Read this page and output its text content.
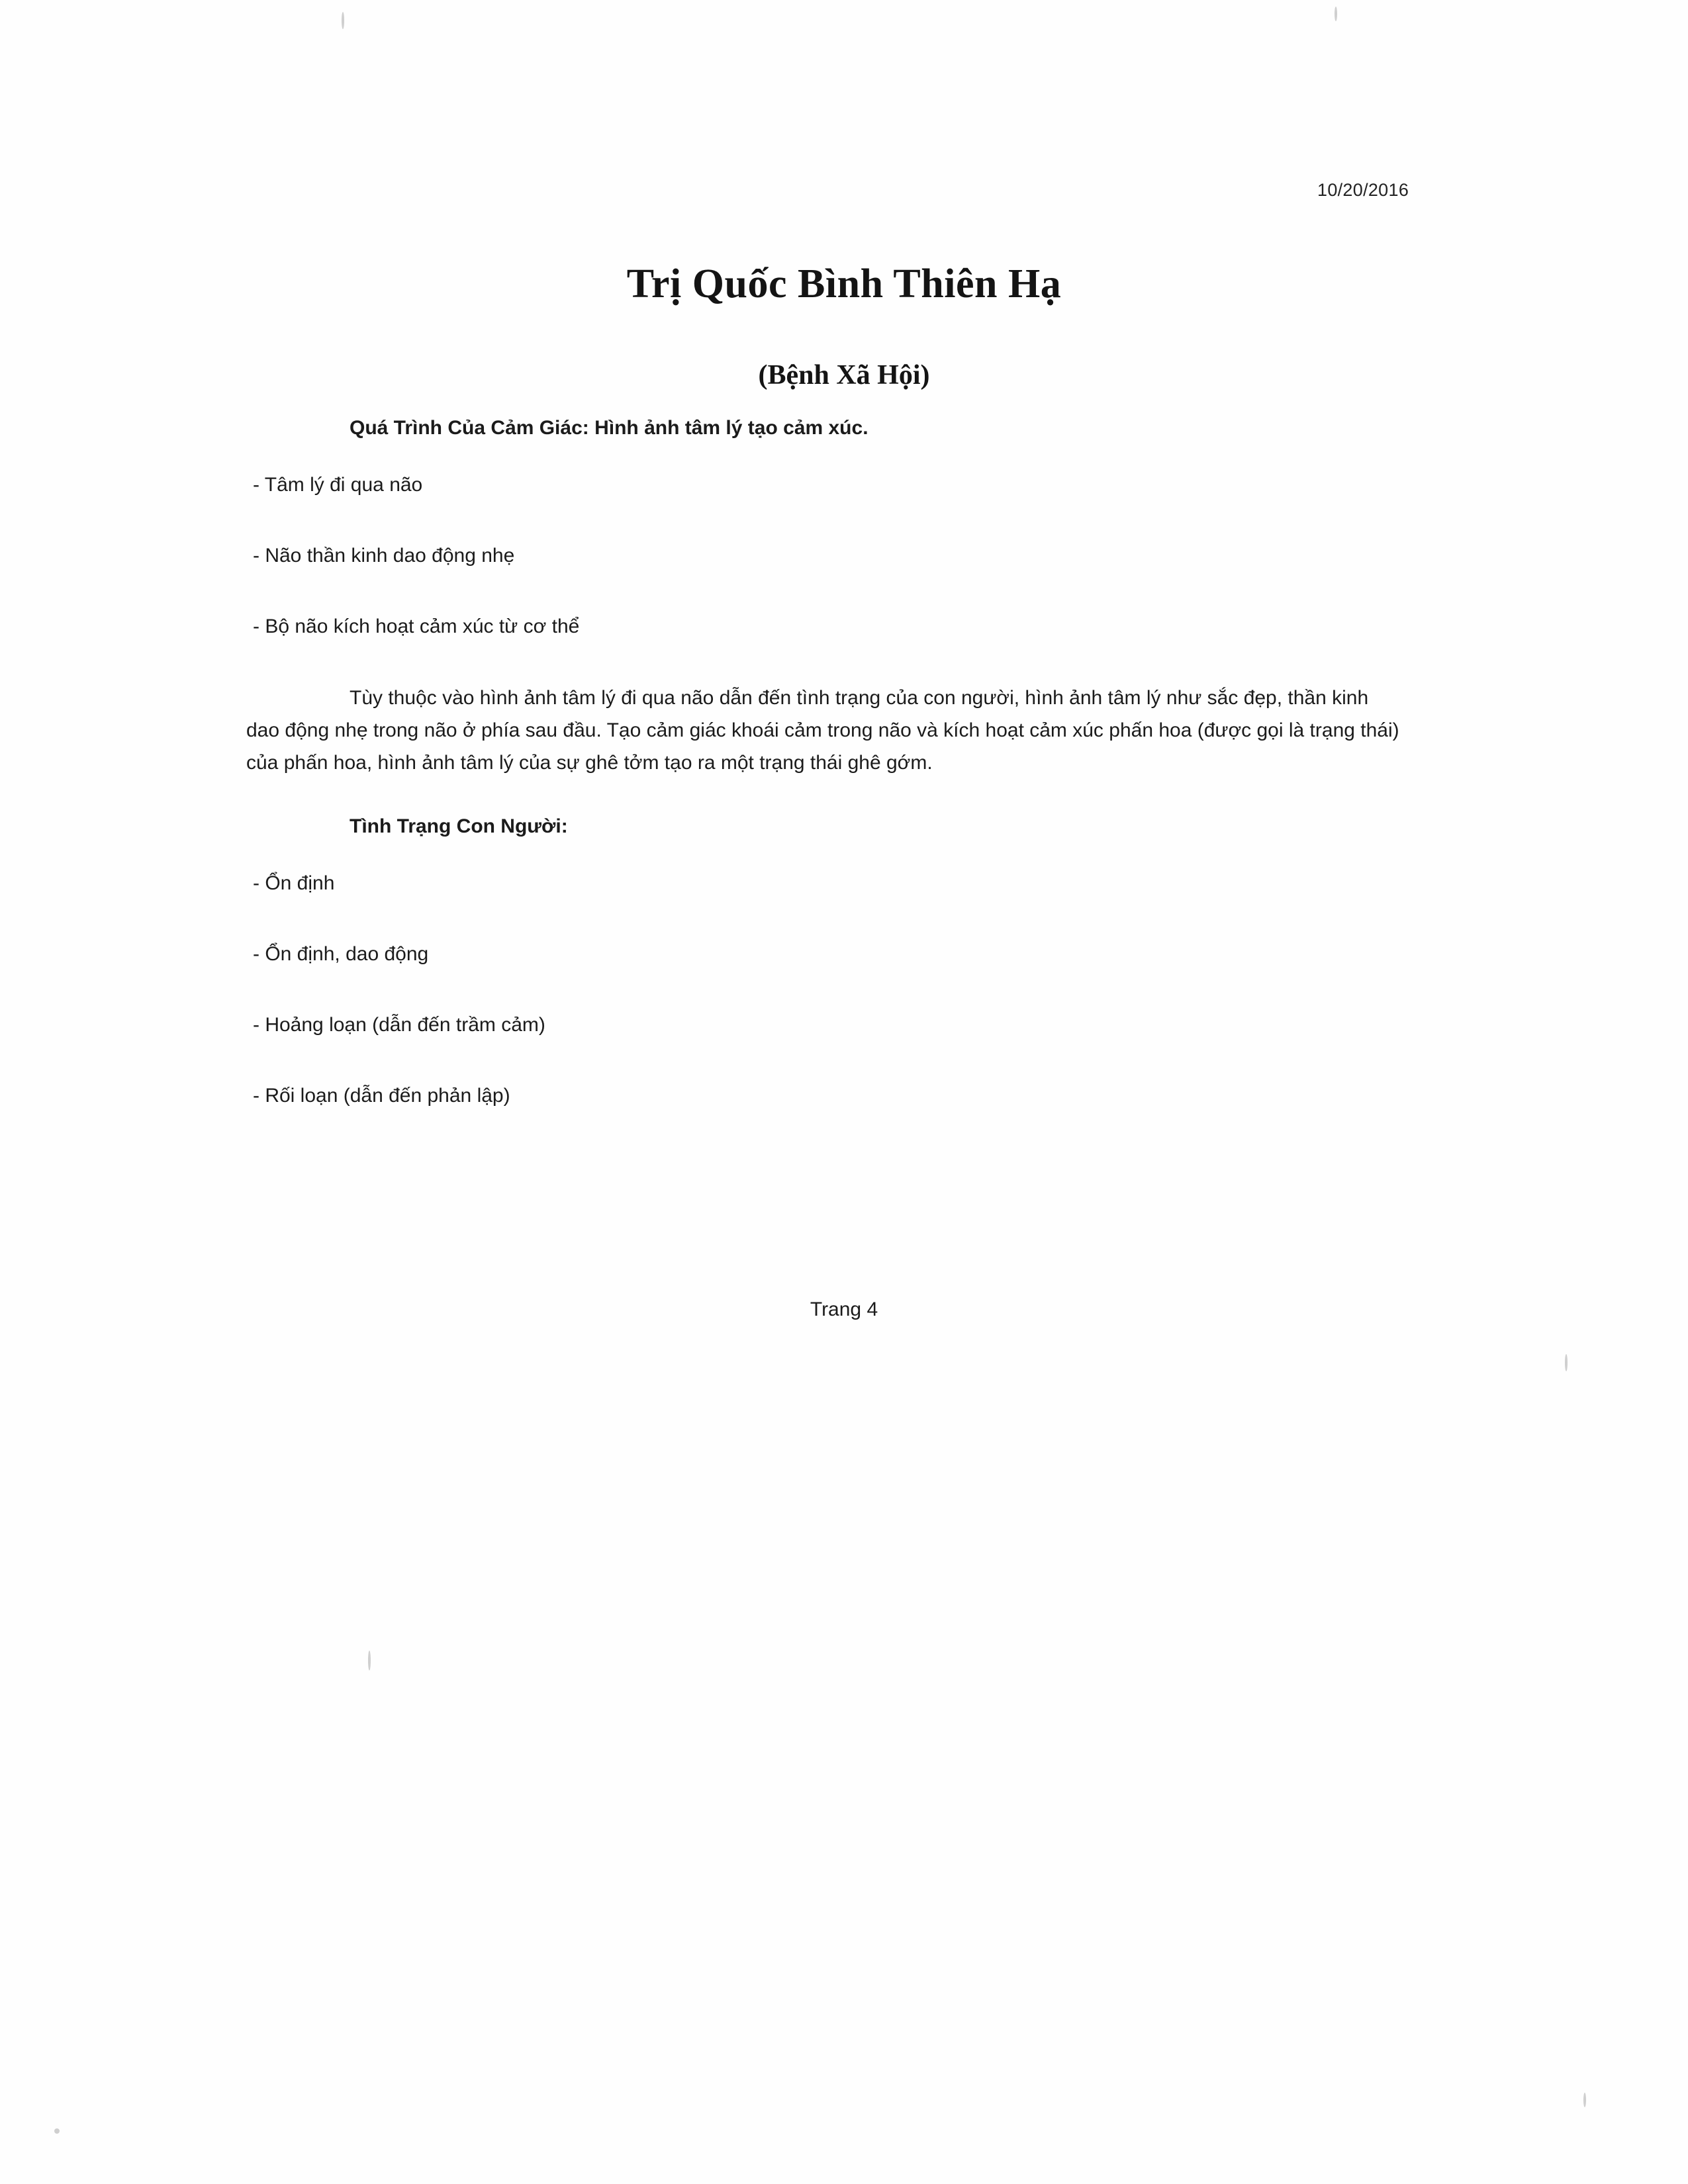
10/20/2016
Trị Quốc Bình Thiên Hạ
(Bệnh Xã Hội)

Quá Trình Của Cảm Giác: Hình ảnh tâm lý tạo cảm xúc.

- Tâm lý đi qua não

- Não thần kinh dao động nhẹ

- Bộ não kích hoạt cảm xúc từ cơ thể

Tùy thuộc vào hình ảnh tâm lý đi qua não dẫn đến tình trạng của con người, hình ảnh tâm lý như sắc đẹp, thần kinh dao động nhẹ trong não ở phía sau đầu. Tạo cảm giác khoái cảm trong não và kích hoạt cảm xúc phấn hoa (được gọi là trạng thái) của phấn hoa, hình ảnh tâm lý của sự ghê tởm tạo ra một trạng thái ghê gớm.

Tình Trạng Con Người:

- Ổn định

- Ổn định, dao động

- Hoảng loạn (dẫn đến trầm cảm)

- Rối loạn (dẫn đến phản lập)

Trang 4
